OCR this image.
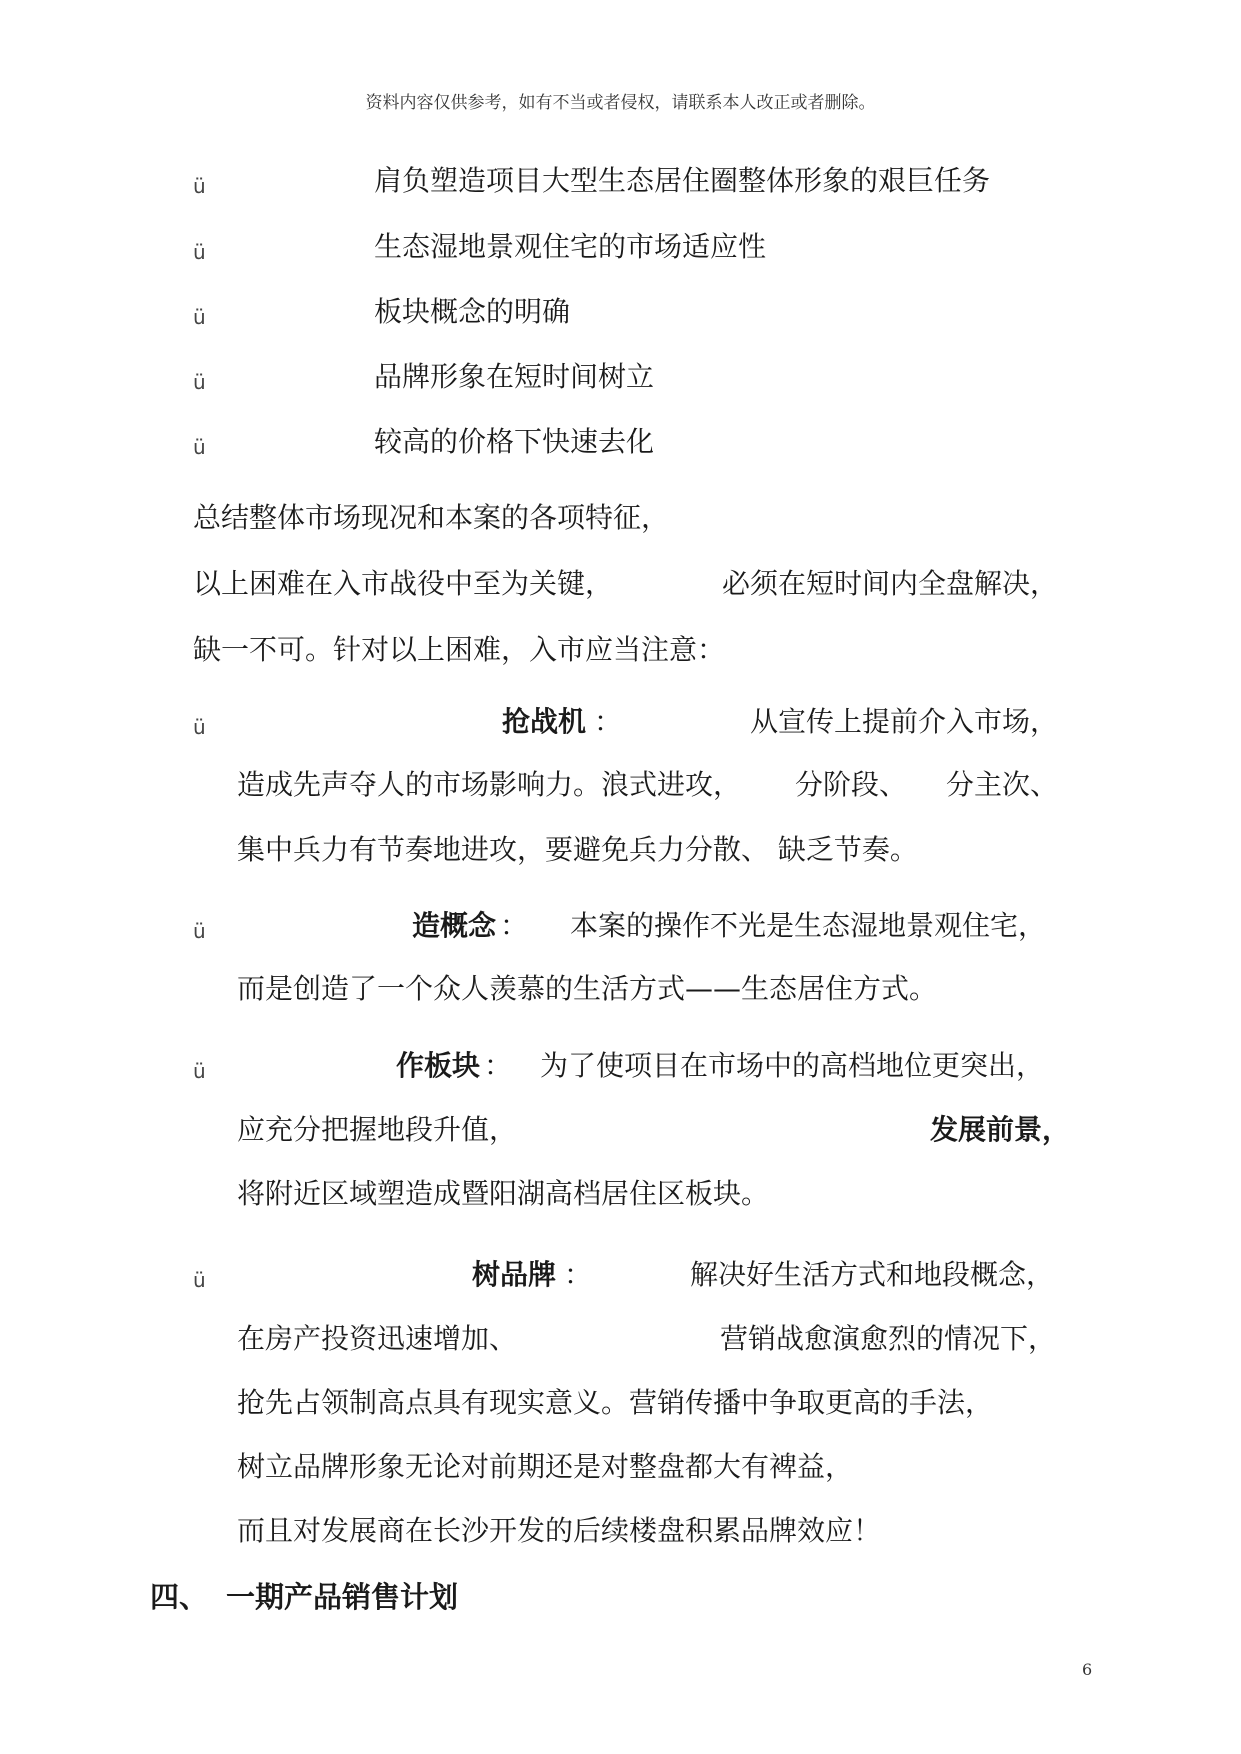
资料内容仅供参考，如有不当或者侵权，请联系本人改正或者删除。
ü	肩负塑造项目大型生态居住圈整体形象的艰巨任务
ü	生态湿地景观住宅的市场适应性
ü	板块概念的明确
ü	品牌形象在短时间树立
ü	较高的价格下快速去化
总结整体市场现况和本案的各项特征，
以上困难在入市战役中至为关键，	必须在短时间内全盘解决，
缺一不可。针对以上困难，入市应当注意：
ü	抢战机 ：	从宣传上提前介入市场，
造成先声夺人的市场影响力。浪式进攻， 分阶段、 分主次、
集中兵力有节奏地进攻，要避免兵力分散、 缺乏节奏。
ü	造概念 ： 本案的操作不光是生态湿地景观住宅，
而是创造了一个众人羡慕的生活方式——生态居住方式。
ü	作板块 ： 为了使项目在市场中的高档地位更突出，
应充分把握地段升值，	发展前景，
将附近区域塑造成暨阳湖高档居住区板块。
ü	树品牌 ：	解决好生活方式和地段概念，
在房产投资迅速增加、	营销战愈演愈烈的情况下，
抢先占领制高点具有现实意义。营销传播中争取更高的手法，
树立品牌形象无论对前期还是对整盘都大有裨益，
而且对发展商在长沙开发的后续楼盘积累品牌效应！
四、 一期产品销售计划
6
